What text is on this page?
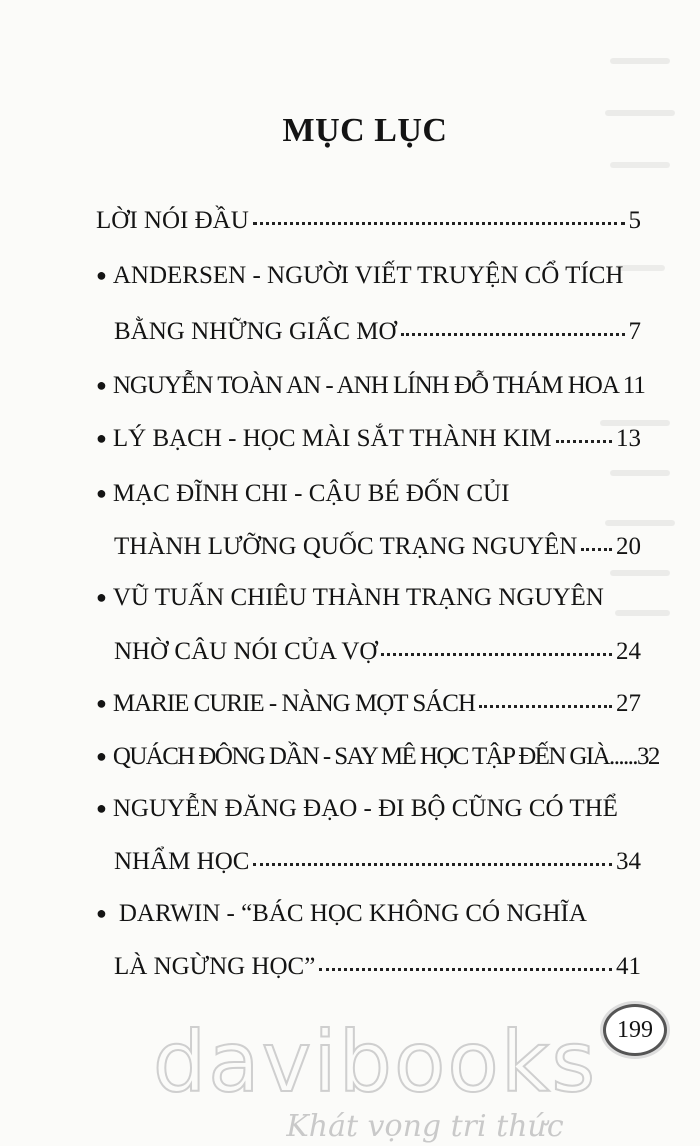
MỤC LỤC
LỜI NÓI ĐẦU	5
● ANDERSEN - NGƯỜI VIẾT TRUYỆN CỔ TÍCH
BẰNG NHỮNG GIẤC MƠ	7
● NGUYỄN TOÀN AN - ANH LÍNH ĐỖ THÁM HOA 11
● LÝ BẠCH - HỌC MÀI SẮT THÀNH KIM	13
● MẠC ĐĨNH CHI - CẬU BÉ ĐỐN CỦI
THÀNH LƯỠNG QUỐC TRẠNG NGUYÊN 20
● VŨ TUẤN CHIÊU THÀNH TRẠNG NGUYÊN
NHỜ CÂU NÓI CỦA VỢ	24
● MARIE CURIE - NÀNG MỌT SÁCH	27
● QUÁCH ĐÔNG DẦN - SAY MÊ HỌC TẬP ĐẾN GIÀ......32
● NGUYỄN ĐĂNG ĐẠO - ĐI BỘ CŨNG CÓ THỂ
NHẨM HỌC	34
● DARWIN - “BÁC HỌC KHÔNG CÓ NGHĨA
LÀ NGỪNG HỌC”	41
199
davibooks
Khát vọng tri thức
